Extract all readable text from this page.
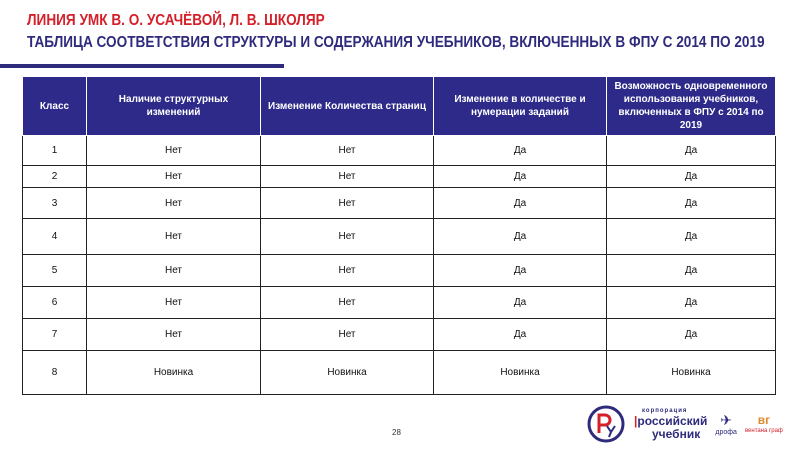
ЛИНИЯ УМК В. О. УСАЧЁВОЙ, Л. В. ШКОЛЯР
ТАБЛИЦА СООТВЕТСТВИЯ СТРУКТУРЫ И СОДЕРЖАНИЯ УЧЕБНИКОВ, ВКЛЮЧЕННЫХ В ФПУ С 2014 ПО 2019
Класс	Наличие структурных изменений	Изменение Количества страниц	Изменение в количестве и нумерации заданий	Возможность одновременного использования учебников, включенных в ФПУ с 2014 по 2019
1	Нет	Нет	Да	Да
2	Нет	Нет	Да	Да
3	Нет	Нет	Да	Да
4	Нет	Нет	Да	Да
5	Нет	Нет	Да	Да
6	Нет	Нет	Да	Да
7	Нет	Нет	Да	Да
8	Новинка	Новинка	Новинка	Новинка
28
корпорация
|российский
учебник
✈
дрофа
вг
вентана граф
